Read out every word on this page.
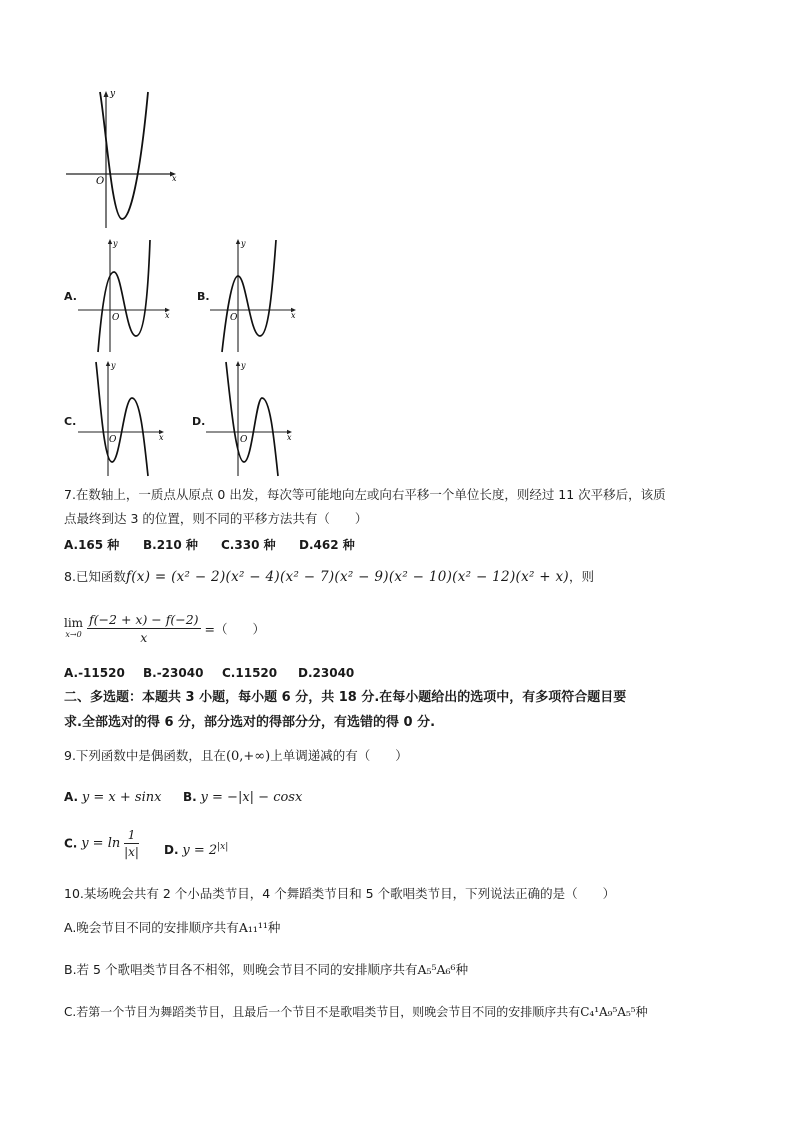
y
x
O
A.
y
x
O
B.
y
x
O
C.
y
x
O
D.
y
x
O
7.在数轴上，一质点从原点 0 出发，每次等可能地向左或向右平移一个单位长度，则经过 11 次平移后，该质
点最终到达 3 的位置，则不同的平移方法共有（　　）
A.165 种 B.210 种 C.330 种 D.462 种
8.已知函数f(x) = (x² − 2)(x² − 4)(x² − 7)(x² − 9)(x² − 10)(x² − 12)(x² + x)，则
lim
x→0
$\frac{f(-2 + x) - f(-2)}{x}$ =（　　）
A.-11520 B.-23040 C.11520 D.23040
二、多选题：本题共 3 小题，每小题 6 分，共 18 分.在每小题给出的选项中，有多项符合题目要
求.全部选对的得 6 分，部分选对的得部分分，有选错的得 0 分.
9.下列函数中是偶函数，且在(0,+∞)上单调递减的有（　　）
A. y = x + sinx B. y = −|x| − cosx
C. $y = \ln \frac{1}{|x|} D$. $y = 2^{|x|}$
10.某场晚会共有 2 个小品类节目，4 个舞蹈类节目和 5 个歌唱类节目，下列说法正确的是（　　）
A.晚会节目不同的安排顺序共有A₁₁¹¹种
B.若 5 个歌唱类节目各不相邻，则晚会节目不同的安排顺序共有A₅⁵A₆⁶种
C.若第一个节目为舞蹈类节目，且最后一个节目不是歌唱类节目，则晚会节目不同的安排顺序共有C₄¹A₉⁵A₅⁵种
